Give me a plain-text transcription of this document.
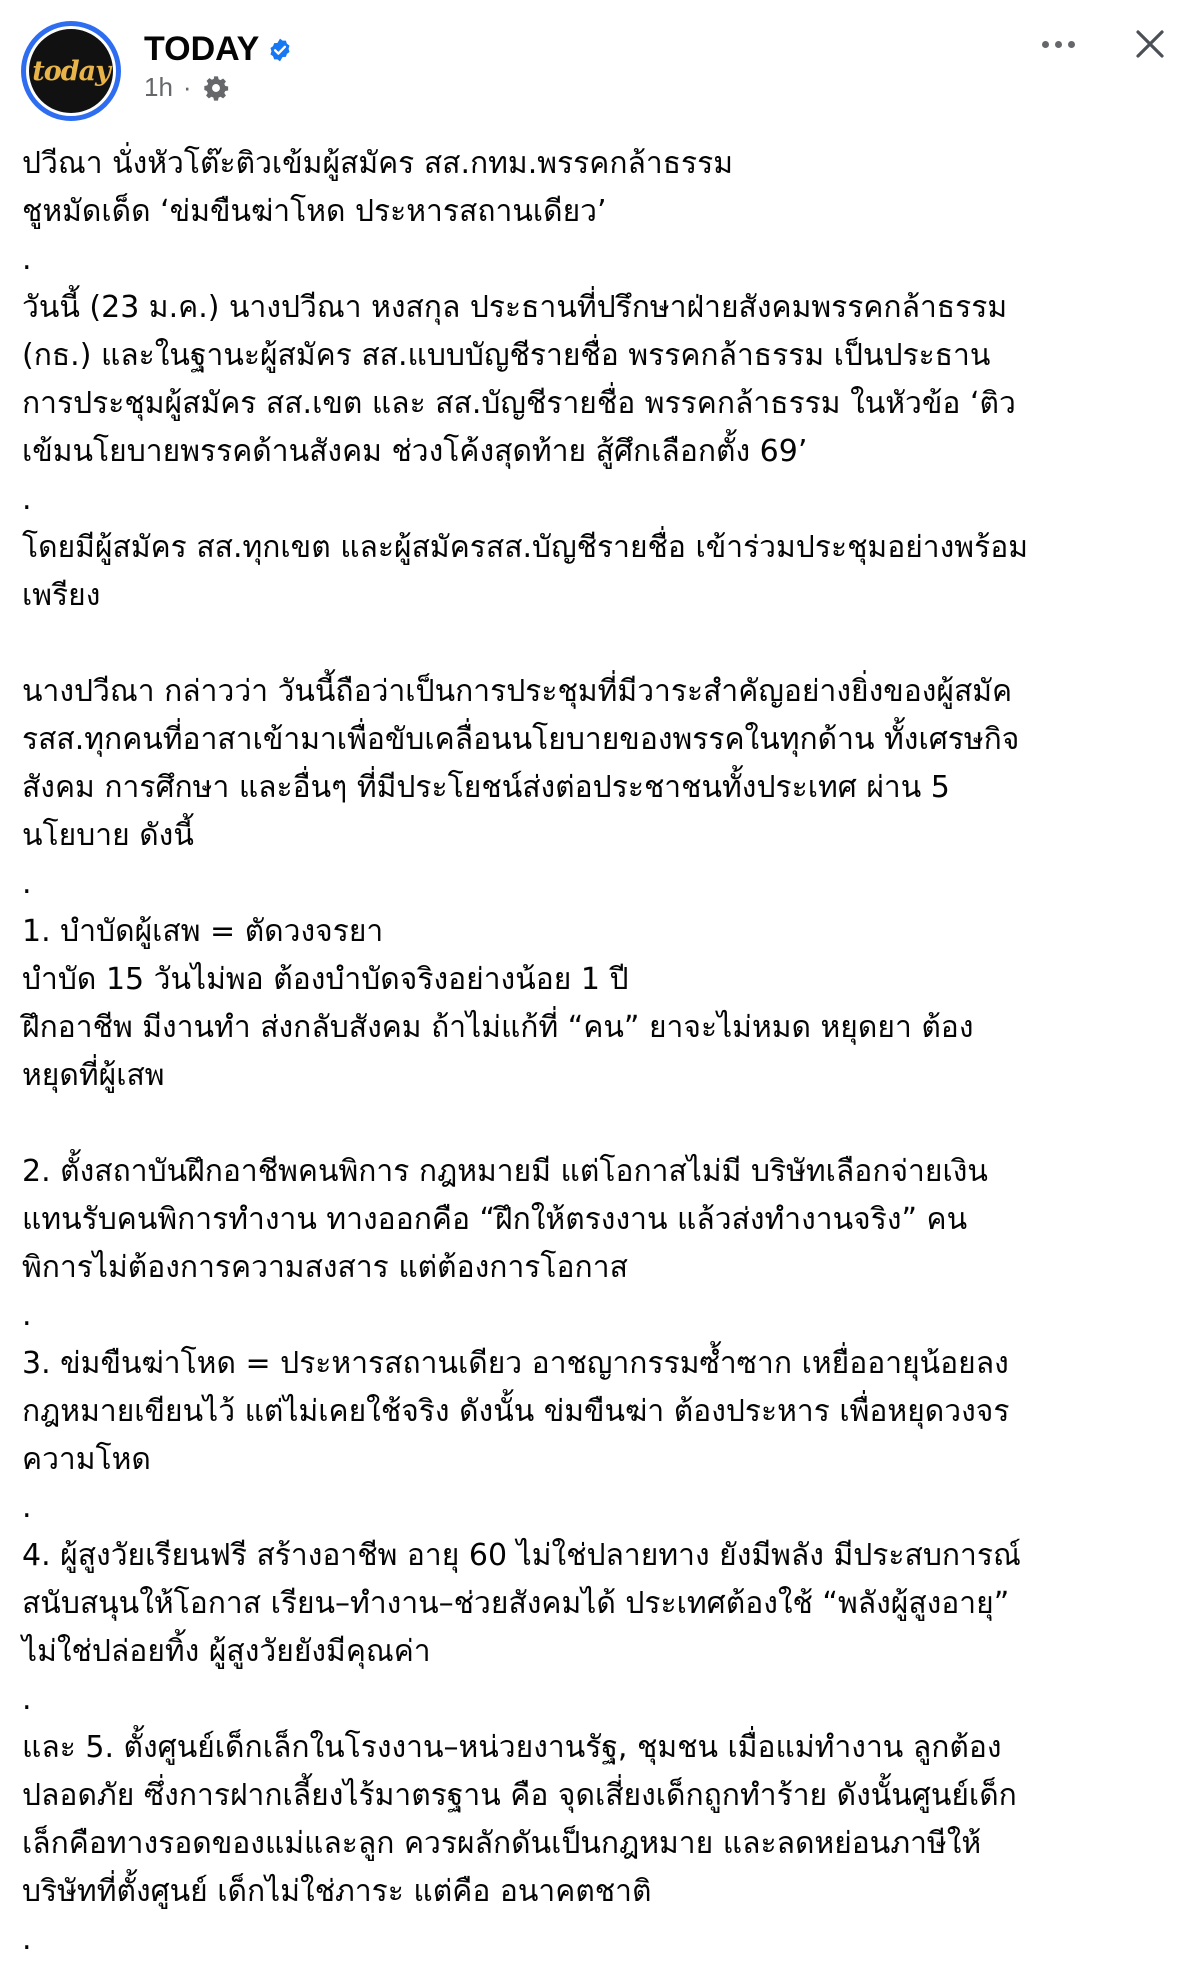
today
TODAY
1h ·

ปวีณา นั่งหัวโต๊ะติวเข้มผู้สมัคร สส.กทม.พรรคกล้าธรรม

ชูหมัดเด็ด ‘ข่มขืนฆ่าโหด ประหารสถานเดียว’

.

วันนี้ (23 ม.ค.) นางปวีณา หงสกุล ประธานที่ปรึกษาฝ่ายสังคมพรรคกล้าธรรม

(กธ.) และในฐานะผู้สมัคร สส.แบบบัญชีรายชื่อ พรรคกล้าธรรม เป็นประธาน

การประชุมผู้สมัคร สส.เขต และ สส.บัญชีรายชื่อ พรรคกล้าธรรม ในหัวข้อ ‘ติว

เข้มนโยบายพรรคด้านสังคม ช่วงโค้งสุดท้าย สู้ศึกเลือกตั้ง 69’

.

โดยมีผู้สมัคร สส.ทุกเขต และผู้สมัครสส.บัญชีรายชื่อ เข้าร่วมประชุมอย่างพร้อม

เพรียง

นางปวีณา กล่าวว่า วันนี้ถือว่าเป็นการประชุมที่มีวาระสำคัญอย่างยิ่งของผู้สมัค

รสส.ทุกคนที่อาสาเข้ามาเพื่อขับเคลื่อนนโยบายของพรรคในทุกด้าน ทั้งเศรษกิจ

สังคม การศึกษา และอื่นๆ ที่มีประโยชน์ส่งต่อประชาชนทั้งประเทศ ผ่าน 5

นโยบาย ดังนี้

.

1. บำบัดผู้เสพ = ตัดวงจรยา

บำบัด 15 วันไม่พอ ต้องบำบัดจริงอย่างน้อย 1 ปี

ฝึกอาชีพ มีงานทำ ส่งกลับสังคม ถ้าไม่แก้ที่ “คน” ยาจะไม่หมด หยุดยา ต้อง

หยุดที่ผู้เสพ

2. ตั้งสถาบันฝึกอาชีพคนพิการ กฎหมายมี แต่โอกาสไม่มี บริษัทเลือกจ่ายเงิน

แทนรับคนพิการทำงาน ทางออกคือ “ฝึกให้ตรงงาน แล้วส่งทำงานจริง” คน

พิการไม่ต้องการความสงสาร แต่ต้องการโอกาส

.

3. ข่มขืนฆ่าโหด = ประหารสถานเดียว อาชญากรรมซ้ำซาก เหยื่ออายุน้อยลง

กฎหมายเขียนไว้ แต่ไม่เคยใช้จริง ดังนั้น ข่มขืนฆ่า ต้องประหาร เพื่อหยุดวงจร

ความโหด

.

4. ผู้สูงวัยเรียนฟรี สร้างอาชีพ อายุ 60 ไม่ใช่ปลายทาง ยังมีพลัง มีประสบการณ์

สนับสนุนให้โอกาส เรียน–ทำงาน–ช่วยสังคมได้ ประเทศต้องใช้ “พลังผู้สูงอายุ”

ไม่ใช่ปล่อยทิ้ง ผู้สูงวัยยังมีคุณค่า

.

และ 5. ตั้งศูนย์เด็กเล็กในโรงงาน–หน่วยงานรัฐ, ชุมชน เมื่อแม่ทำงาน ลูกต้อง

ปลอดภัย ซึ่งการฝากเลี้ยงไร้มาตรฐาน คือ จุดเสี่ยงเด็กถูกทำร้าย ดังนั้นศูนย์เด็ก

เล็กคือทางรอดของแม่และลูก ควรผลักดันเป็นกฎหมาย และลดหย่อนภาษีให้

บริษัทที่ตั้งศูนย์ เด็กไม่ใช่ภาระ แต่คือ อนาคตชาติ

.
